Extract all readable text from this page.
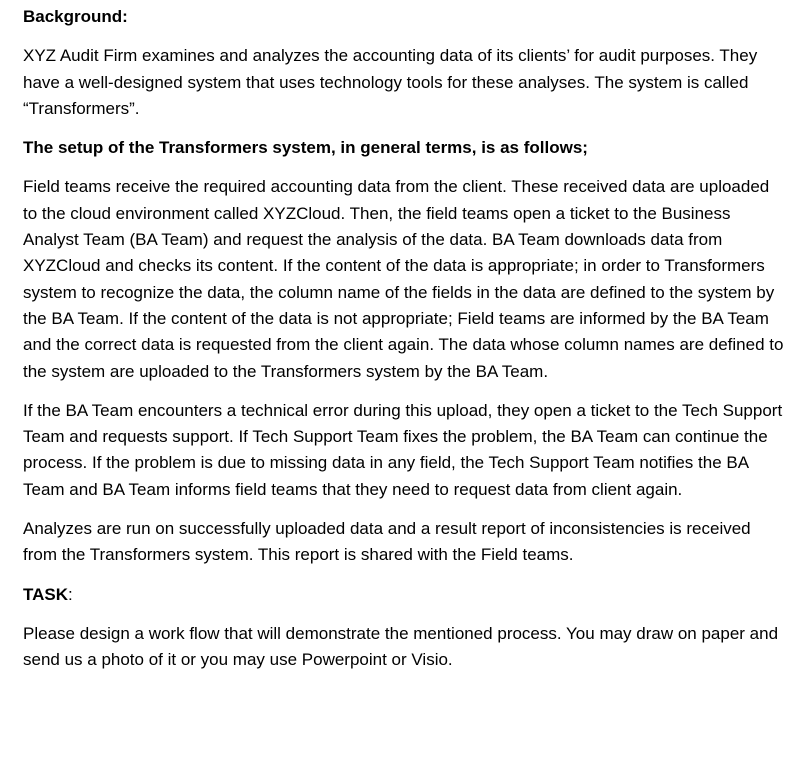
Background:

XYZ Audit Firm examines and analyzes the accounting data of its clients’ for audit purposes. They have a well-designed system that uses technology tools for these analyses. The system is called “Transformers”.

The setup of the Transformers system, in general terms, is as follows;

Field teams receive the required accounting data from the client. These received data are uploaded to the cloud environment called XYZCloud. Then, the field teams open a ticket to the Business Analyst Team (BA Team) and request the analysis of the data. BA Team downloads data from XYZCloud and checks its content. If the content of the data is appropriate; in order to Transformers system to recognize the data, the column name of the fields in the data are defined to the system by the BA Team. If the content of the data is not appropriate; Field teams are informed by the BA Team and the correct data is requested from the client again. The data whose column names are defined to the system are uploaded to the Transformers system by the BA Team.

If the BA Team encounters a technical error during this upload, they open a ticket to the Tech Support Team and requests support. If Tech Support Team fixes the problem, the BA Team can continue the process. If the problem is due to missing data in any field, the Tech Support Team notifies the BA Team and BA Team informs field teams that they need to request data from client again.

Analyzes are run on successfully uploaded data and a result report of inconsistencies is received from the Transformers system. This report is shared with the Field teams.

TASK:

Please design a work flow that will demonstrate the mentioned process. You may draw on paper and send us a photo of it or you may use Powerpoint or Visio.
